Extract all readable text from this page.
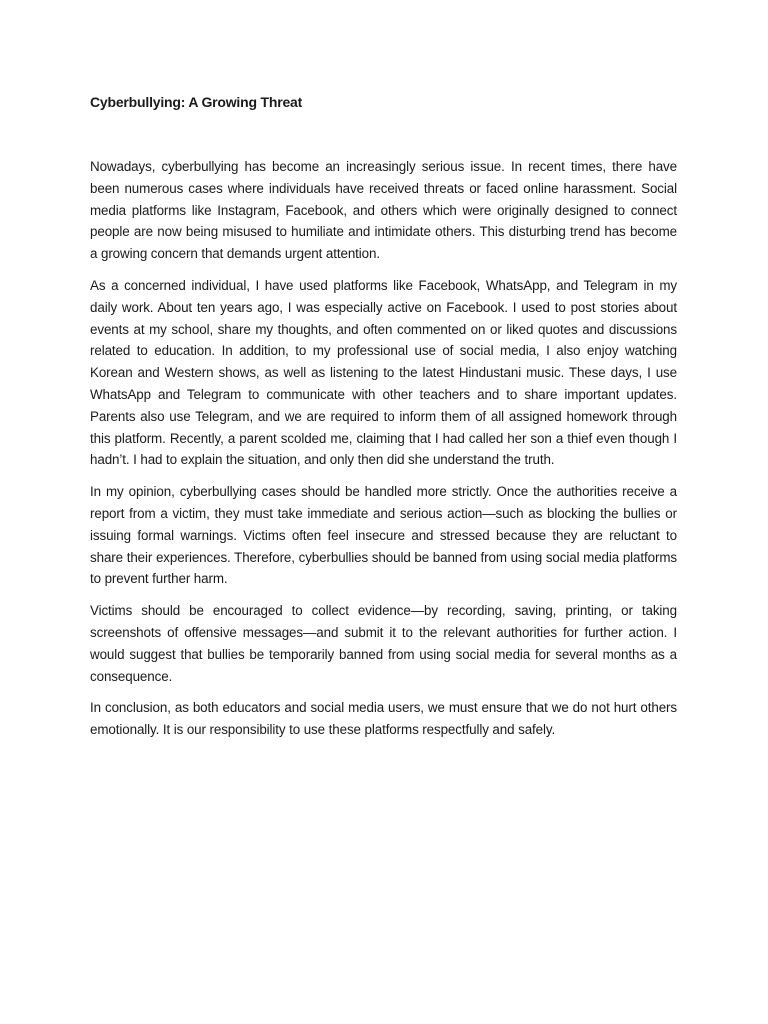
Cyberbullying: A Growing Threat

Nowadays, cyberbullying has become an increasingly serious issue. In recent times, there have been numerous cases where individuals have received threats or faced online harassment. Social media platforms like Instagram, Facebook, and others which were originally designed to connect people are now being misused to humiliate and intimidate others. This disturbing trend has become a growing concern that demands urgent attention.

As a concerned individual, I have used platforms like Facebook, WhatsApp, and Telegram in my daily work. About ten years ago, I was especially active on Facebook. I used to post stories about events at my school, share my thoughts, and often commented on or liked quotes and discussions related to education. In addition, to my professional use of social media, I also enjoy watching Korean and Western shows, as well as listening to the latest Hindustani music. These days, I use WhatsApp and Telegram to communicate with other teachers and to share important updates. Parents also use Telegram, and we are required to inform them of all assigned homework through this platform. Recently, a parent scolded me, claiming that I had called her son a thief even though I hadn’t. I had to explain the situation, and only then did she understand the truth.

In my opinion, cyberbullying cases should be handled more strictly. Once the authorities receive a report from a victim, they must take immediate and serious action—such as blocking the bullies or issuing formal warnings. Victims often feel insecure and stressed because they are reluctant to share their experiences. Therefore, cyberbullies should be banned from using social media platforms to prevent further harm.

Victims should be encouraged to collect evidence—by recording, saving, printing, or taking screenshots of offensive messages—and submit it to the relevant authorities for further action. I would suggest that bullies be temporarily banned from using social media for several months as a consequence.

In conclusion, as both educators and social media users, we must ensure that we do not hurt others emotionally. It is our responsibility to use these platforms respectfully and safely.
